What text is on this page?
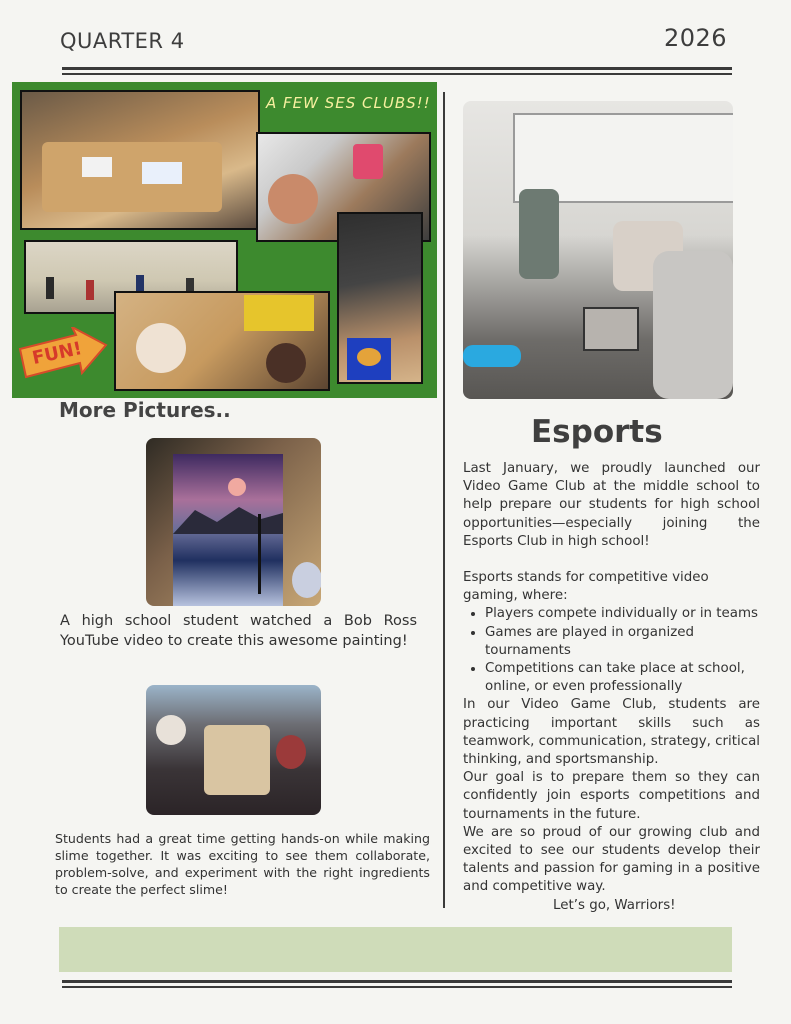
QUARTER 4	2026
A FEW SES CLUBS!!
FUN!
More Pictures..
A high school student watched a Bob Ross YouTube video to create this awesome painting!
Students had a great time getting hands-on while making slime together. It was exciting to see them collaborate, problem-solve, and experiment with the right ingredients to create the perfect slime!
Esports

Last January, we proudly launched our Video Game Club at the middle school to help prepare our students for high school opportunities—especially joining the Esports Club in high school!

Esports stands for competitive video gaming, where:

• Players compete individually or in teams
• Games are played in organized tournaments
• Competitions can take place at school, online, or even professionally

In our Video Game Club, students are practicing important skills such as teamwork, communication, strategy, critical thinking, and sportsmanship.

Our goal is to prepare them so they can confidently join esports competitions and tournaments in the future.

We are so proud of our growing club and excited to see our students develop their talents and passion for gaming in a positive and competitive way.

Let’s go, Warriors!
